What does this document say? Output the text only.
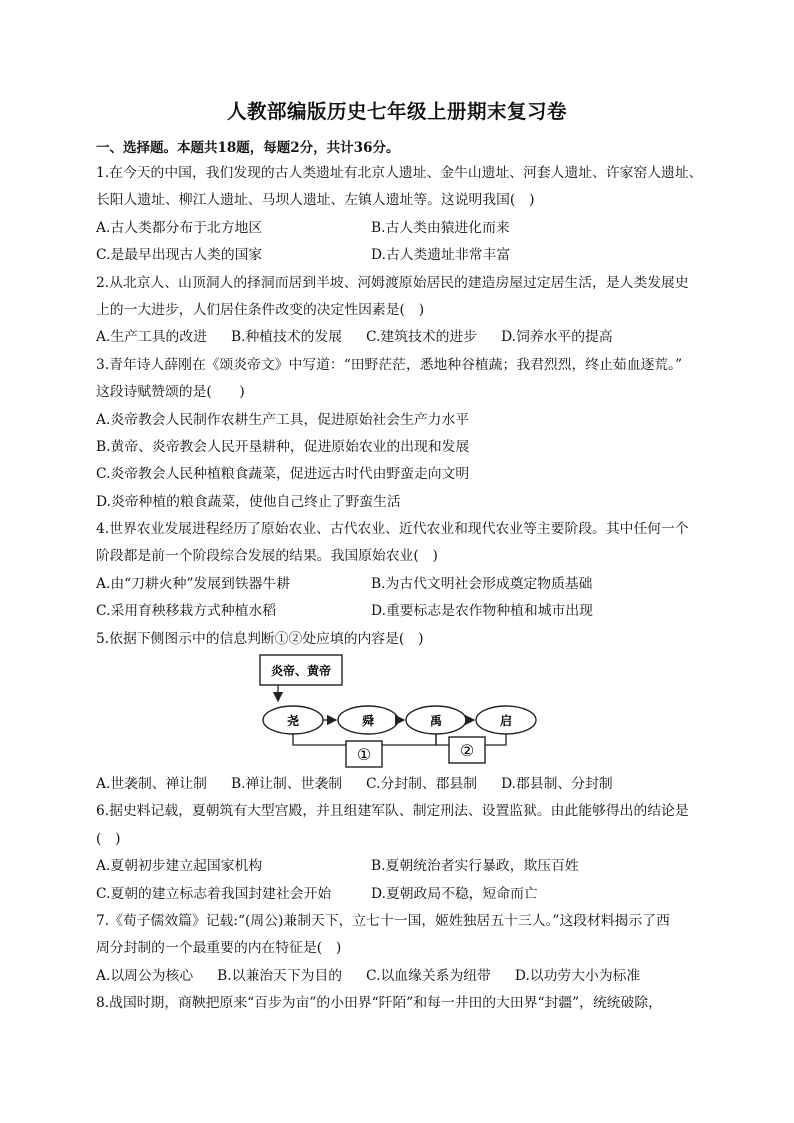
人教部编版历史七年级上册期末复习卷
一、选择题。本题共18题，每题2分，共计36分。
1.在今天的中国，我们发现的古人类遗址有北京人遗址、金牛山遗址、河套人遗址、许家窑人遗址、
长阳人遗址、柳江人遗址、马坝人遗址、左镇人遗址等。这说明我国(　)
A.古人类都分布于北方地区	B.古人类由猿进化而来
C.是最早出现古人类的国家	D.古人类遗址非常丰富
2.从北京人、山顶洞人的择洞而居到半坡、河姆渡原始居民的建造房屋过定居生活，是人类发展史
上的一大进步，人们居住条件改变的决定性因素是(　)
A.生产工具的改进 B.种植技术的发展 C.建筑技术的进步 D.饲养水平的提高
3.青年诗人薛刚在《颂炎帝文》中写道：“田野茫茫，悉地种谷植蔬；我君烈烈，终止茹血逐荒。”
这段诗赋赞颂的是(　　)
A.炎帝教会人民制作农耕生产工具，促进原始社会生产力水平
B.黄帝、炎帝教会人民开垦耕种，促进原始农业的出现和发展
C.炎帝教会人民种植粮食蔬菜，促进远古时代由野蛮走向文明
D.炎帝种植的粮食蔬菜，使他自己终止了野蛮生活
4.世界农业发展进程经历了原始农业、古代农业、近代农业和现代农业等主要阶段。其中任何一个
阶段都是前一个阶段综合发展的结果。我国原始农业(　)
A.由“刀耕火种”发展到铁器牛耕	B.为古代文明社会形成奠定物质基础
C.采用育秧移栽方式种植水稻	D.重要标志是农作物种植和城市出现
5.依据下侧图示中的信息判断①②处应填的内容是(　)
炎帝、黄帝
尧	舜	禹	启
①	②
A.世袭制、禅让制 B.禅让制、世袭制 C.分封制、郡县制 D.郡县制、分封制
6.据史料记载，夏朝筑有大型宫殿，并且组建军队、制定刑法、设置监狱。由此能够得出的结论是
(　)
A.夏朝初步建立起国家机构	B.夏朝统治者实行暴政，欺压百姓
C.夏朝的建立标志着我国封建社会开始	D.夏朝政局不稳，短命而亡
7.《荀子儒效篇》记载:“(周公)兼制天下，立七十一国，姬姓独居五十三人。”这段材料揭示了西
周分封制的一个最重要的内在特征是(　)
A.以周公为核心 B.以兼治天下为目的 C.以血缘关系为纽带 D.以功劳大小为标准
8.战国时期，商鞅把原来“百步为亩”的小田界“阡陌”和每一井田的大田界“封疆”，统统破除，
